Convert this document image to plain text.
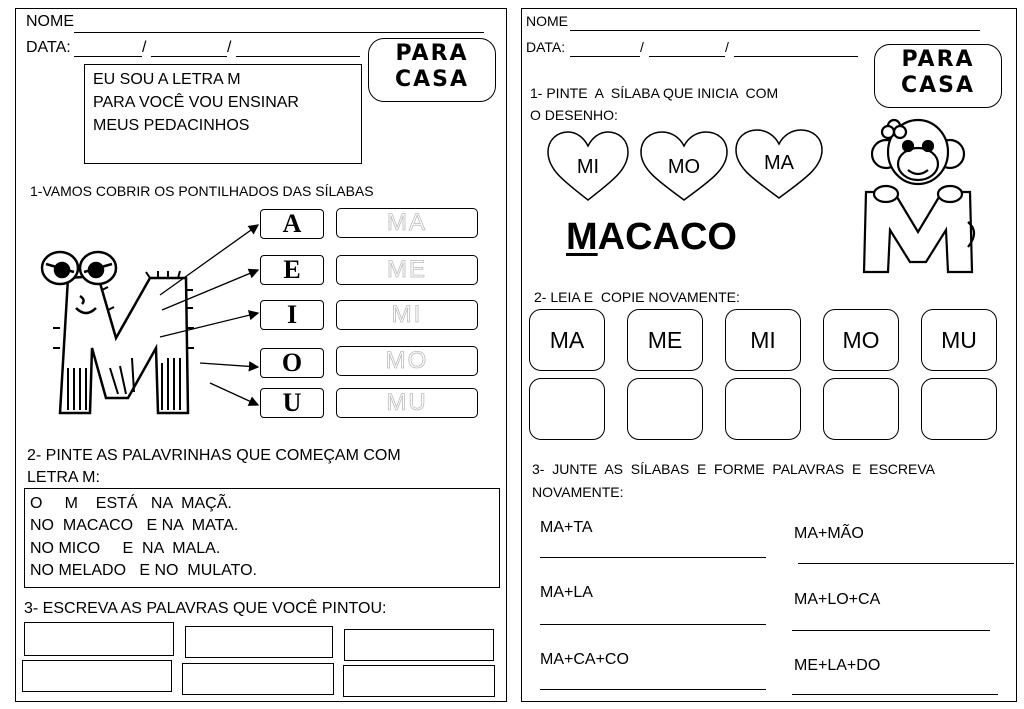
NOME
DATA:	/	/	PARA
CASA
EU SOU A LETRA M
PARA VOCÊ VOU ENSINAR
MEUS PEDACINHOS
1-VAMOS COBRIR OS PONTILHADOS DAS SÍLABAS
A
E
I
O
U
MA
ME
MI
MO
MU
2- PINTE AS PALAVRINHAS QUE COMEÇAM COM
LETRA M:
O     M    ESTÁ   NA  MAÇÃ.
NO  MACACO   E NA  MATA.
NO MICO     E  NA  MALA.
NO MELADO   E NO  MULATO.
3- ESCREVA AS PALAVRAS QUE VOCÊ PINTOU:
NOME
DATA:	/	/	PARA
CASA
1- PINTE  A  SÍLABA QUE INICIA  COM
O DESENHO:
MI	MO	MA
MACACO
2- LEIA E  COPIE NOVAMENTE:
MA	ME	MI	MO	MU
3-  JUNTE  AS  SÍLABAS  E  FORME  PALAVRAS  E  ESCREVA
NOVAMENTE:
MA+TA	MA+MÃO
MA+LA	MA+LO+CA
MA+CA+CO	ME+LA+DO
